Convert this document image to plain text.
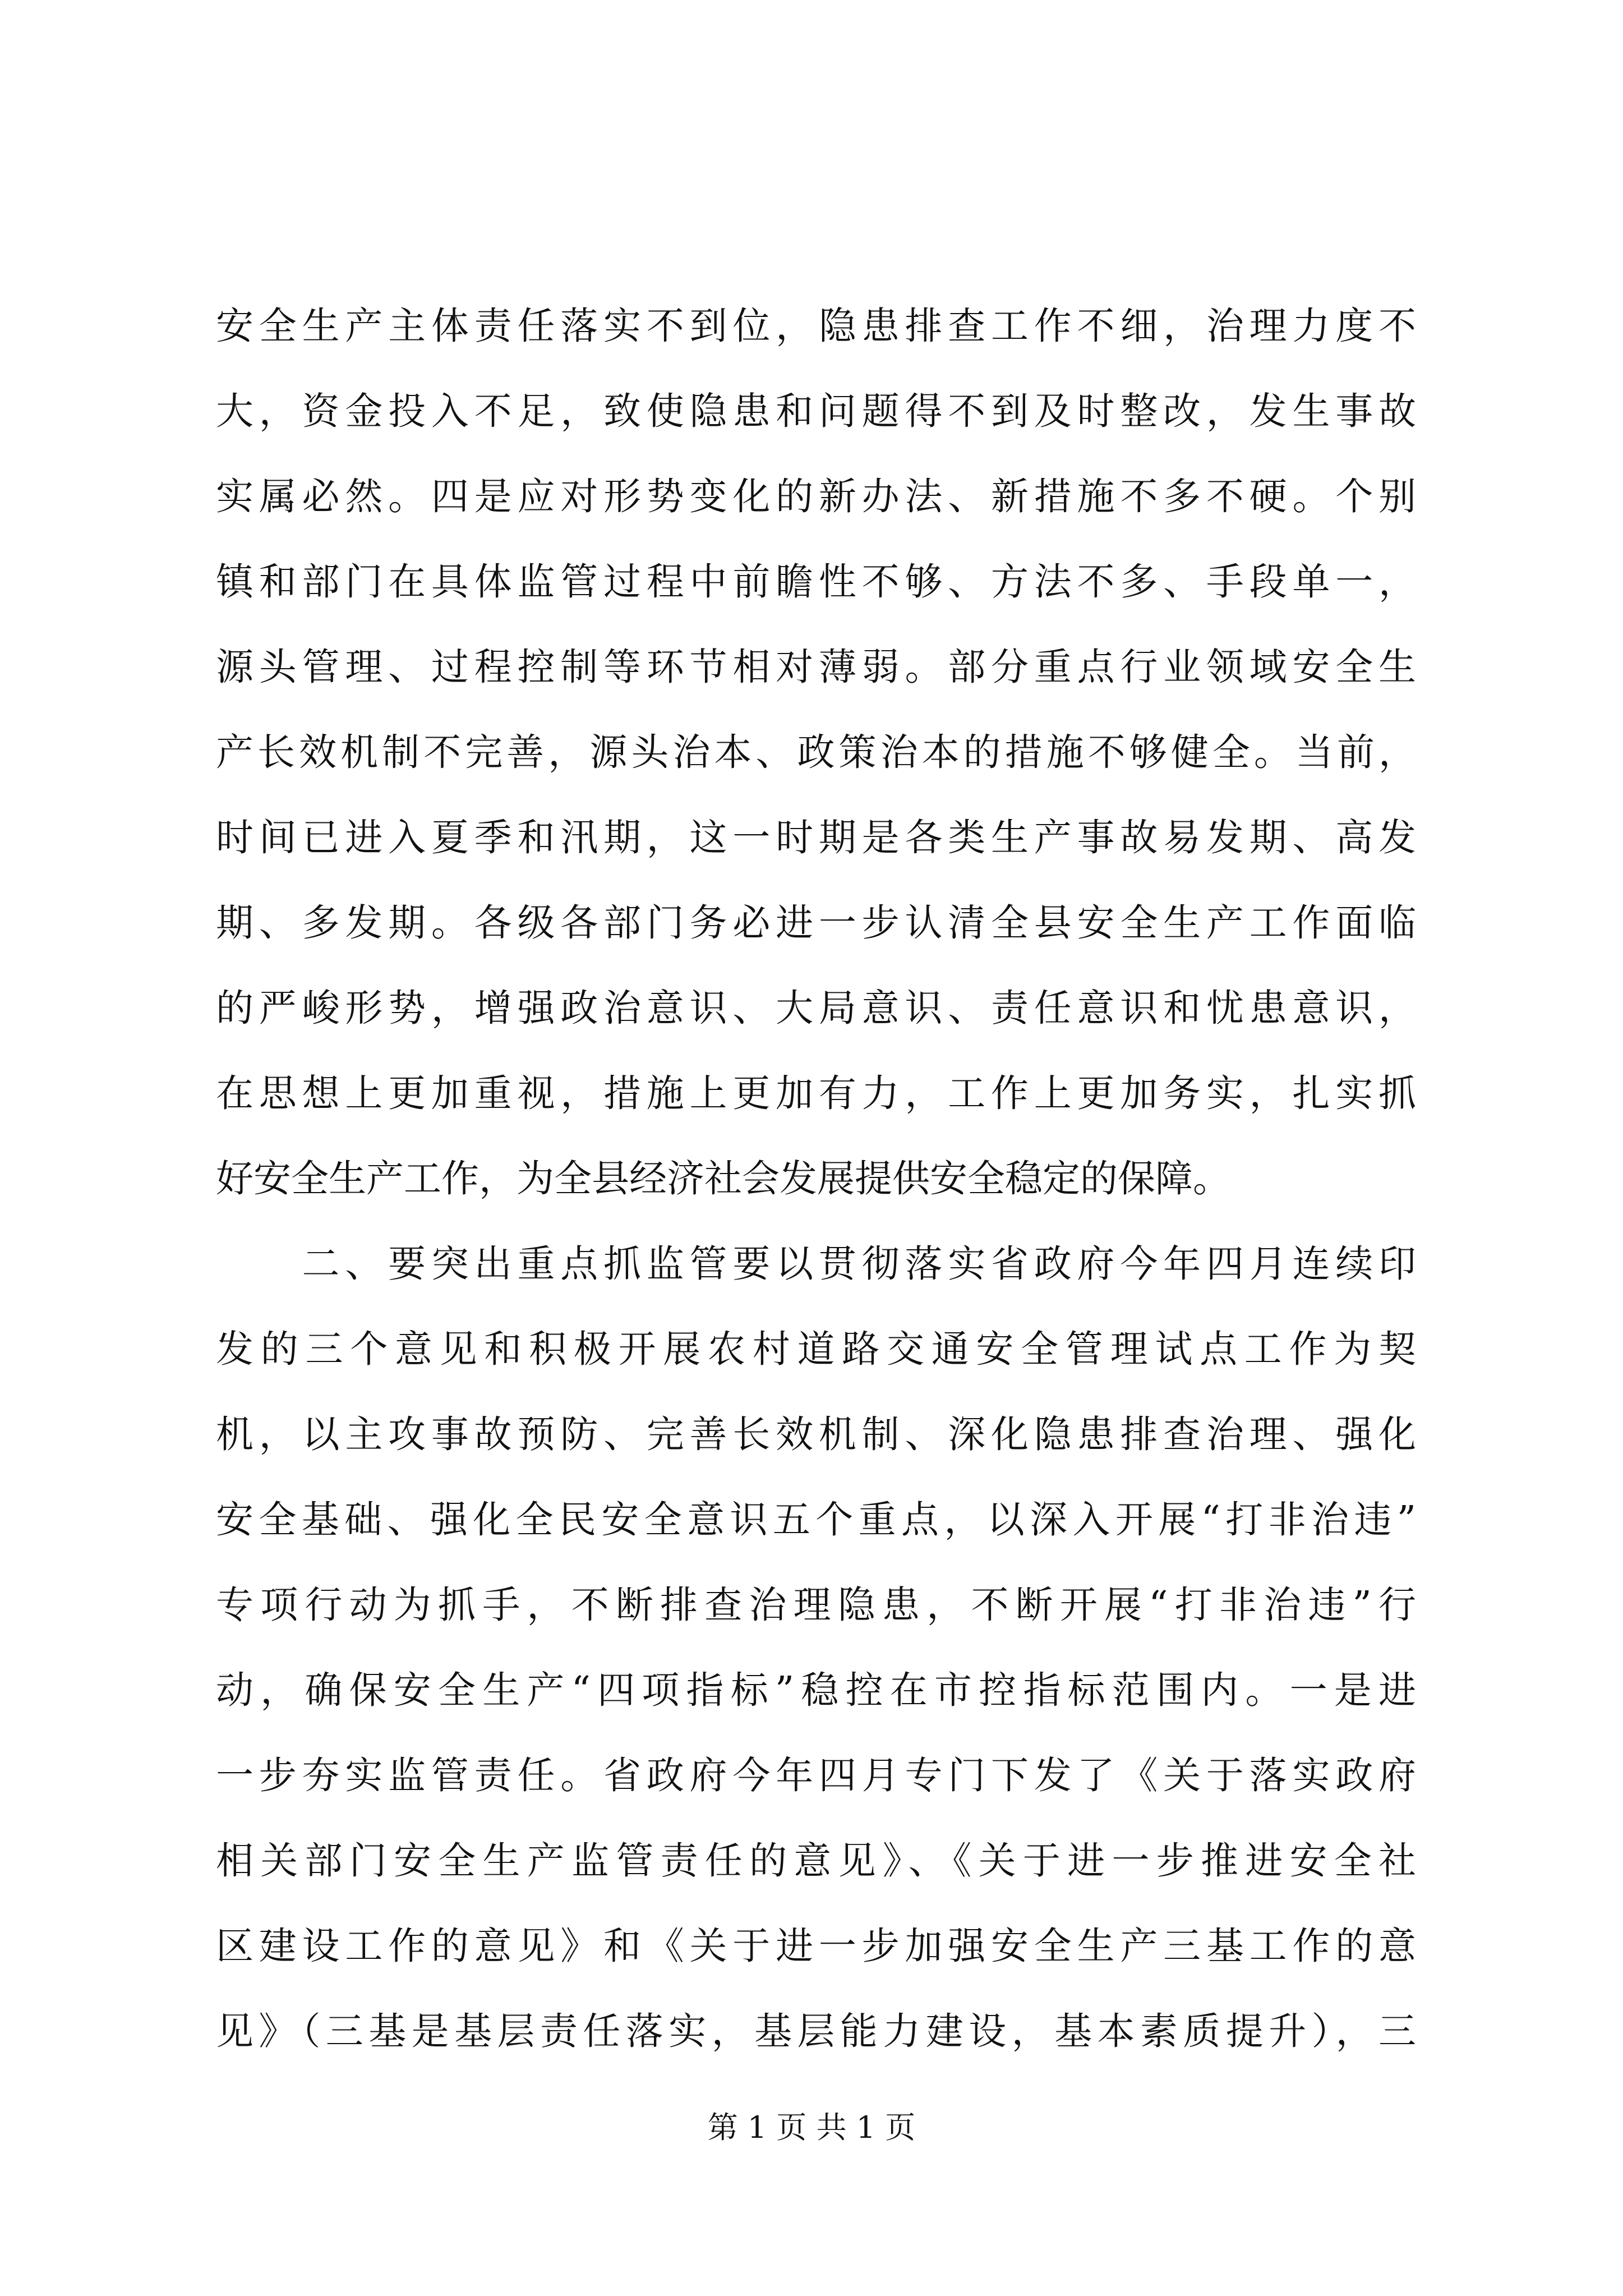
安全生产主体责任落实不到位，隐患排查工作不细，治理力度不
大，资金投入不足，致使隐患和问题得不到及时整改，发生事故
实属必然。四是应对形势变化的新办法、新措施不多不硬。个别
镇和部门在具体监管过程中前瞻性不够、方法不多、手段单一，
源头管理、过程控制等环节相对薄弱。部分重点行业领域安全生
产长效机制不完善，源头治本、政策治本的措施不够健全。当前，
时间已进入夏季和汛期，这一时期是各类生产事故易发期、高发
期、多发期。各级各部门务必进一步认清全县安全生产工作面临
的严峻形势，增强政治意识、大局意识、责任意识和忧患意识，
在思想上更加重视，措施上更加有力，工作上更加务实，扎实抓
好安全生产工作，为全县经济社会发展提供安全稳定的保障。
　　二、要突出重点抓监管要以贯彻落实省政府今年四月连续印
发的三个意见和积极开展农村道路交通安全管理试点工作为契
机，以主攻事故预防、完善长效机制、深化隐患排查治理、强化
安全基础、强化全民安全意识五个重点，以深入开展“打非治违”
专项行动为抓手，不断排查治理隐患，不断开展“打非治违”行
动，确保安全生产“四项指标”稳控在市控指标范围内。一是进
一步夯实监管责任。省政府今年四月专门下发了《关于落实政府
相关部门安全生产监管责任的意见》、《关于进一步推进安全社
区建设工作的意见》和《关于进一步加强安全生产三基工作的意
见》（三基是基层责任落实，基层能力建设，基本素质提升），三
第 1 页 共 1 页
